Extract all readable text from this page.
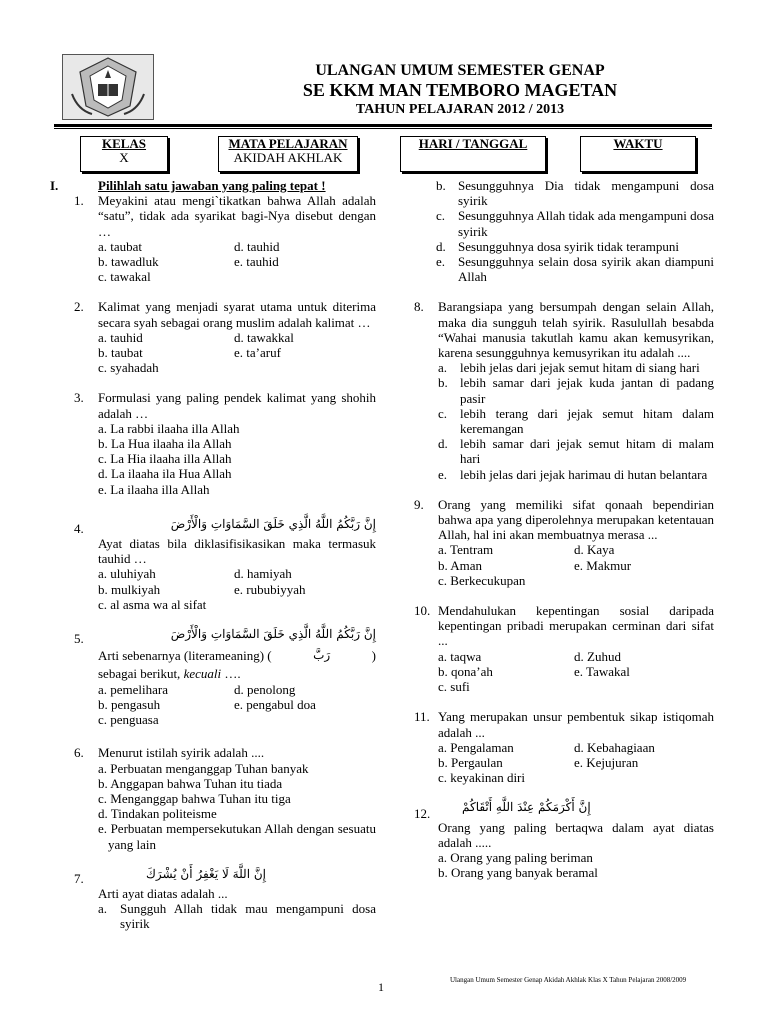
ULANGAN UMUM SEMESTER GENAP
SE KKM MAN TEMBORO MAGETAN
TAHUN PELAJARAN 2012 / 2013
KELAS
X
MATA PELAJARAN
AKIDAH AKHLAK
HARI / TANGGAL	WAKTU
I.	Pilihlah satu jawaban yang paling tepat !
1. Meyakini atau mengi`tikatkan bahwa Allah adalah “satu”, tidak ada syarikat bagi-Nya disebut dengan …
a. taubat	d. tauhid
b. tawadluk	e. tauhid
c. tawakal
2. Kalimat yang menjadi syarat utama untuk diterima secara syah sebagai orang muslim adalah kalimat …
a. tauhid	d. tawakkal
b. taubat	e. ta’aruf
c. syahadah
3. Formulasi yang paling pendek kalimat yang shohih adalah …
a. La rabbi ilaaha illa Allah
b. La Hua ilaaha ila Allah
c. La Hia ilaaha illa Allah
d. La ilaaha ila Hua Allah
e. La ilaaha illa Allah
4.	إِنَّ رَبَّكُمُ اللَّهُ الَّذِي خَلَقَ السَّمَاوَاتِ وَالْأَرْضَ
Ayat diatas bila diklasifisikasikan maka termasuk tauhid …
a. uluhiyah	d. hamiyah
b. mulkiyah	e. rububiyyah
c. al asma wa al sifat
5.	إِنَّ رَبَّكُمُ اللَّهُ الَّذِي خَلَقَ السَّمَاوَاتِ وَالْأَرْضَ
Arti sebenarnya (literameaning) (	رَبَّ	)
sebagai berikut, kecuali ….
a. pemelihara	d. penolong
b. pengasuh	e. pengabul doa
c. penguasa
6. Menurut istilah syirik adalah ....
a. Perbuatan menganggap Tuhan banyak
b. Anggapan bahwa Tuhan itu tiada
c. Menganggap bahwa Tuhan itu tiga
d. Tindakan politeisme
e. Perbuatan mempersekutukan Allah dengan sesuatu yang lain
7.	إِنَّ اللَّهَ لَا يَغْفِرُ أَنْ يُشْرَكَ
Arti ayat diatas adalah ...
a. Sungguh Allah tidak mau mengampuni dosa syirik
b. Sesungguhnya Dia tidak mengampuni dosa syirik
c. Sesungguhnya Allah tidak ada mengampuni dosa syirik
d. Sesungguhnya dosa syirik tidak terampuni
e. Sesungguhnya selain dosa syirik akan diampuni Allah
8. Barangsiapa yang bersumpah dengan selain Allah, maka dia sungguh telah syirik. Rasulullah besabda “Wahai manusia takutlah kamu akan kemusyrikan, karena sesungguhnya kemusyrikan itu adalah ....
a. lebih jelas dari jejak semut hitam di siang hari
b. lebih samar dari jejak kuda jantan di padang pasir
c. lebih terang dari jejak semut hitam dalam keremangan
d. lebih samar dari jejak semut hitam di malam hari
e. lebih jelas dari jejak harimau di hutan belantara
9. Orang yang memiliki sifat qonaah bependirian bahwa apa yang diperolehnya merupakan ketentauan Allah, hal ini akan membuatnya merasa ...
a. Tentram	d. Kaya
b. Aman	e. Makmur
c. Berkecukupan
10. Mendahulukan kepentingan sosial daripada kepentingan pribadi merupakan cerminan dari sifat ...
a. taqwa	d. Zuhud
b. qona’ah	e. Tawakal
c. sufi
11. Yang merupakan unsur pembentuk sikap istiqomah adalah ...
a. Pengalaman	d. Kebahagiaan
b. Pergaulan	e. Kejujuran
c. keyakinan diri
12.	إِنَّ أَكْرَمَكُمْ عِنْدَ اللَّهِ أَتْقَاكُمْ
Orang yang paling bertaqwa dalam ayat diatas adalah .....
a. Orang yang paling beriman
b. Orang yang banyak beramal
1	Ulangan Umum Semester Genap Akidah Akhlak Klas X Tahun Pelajaran 2008/2009
